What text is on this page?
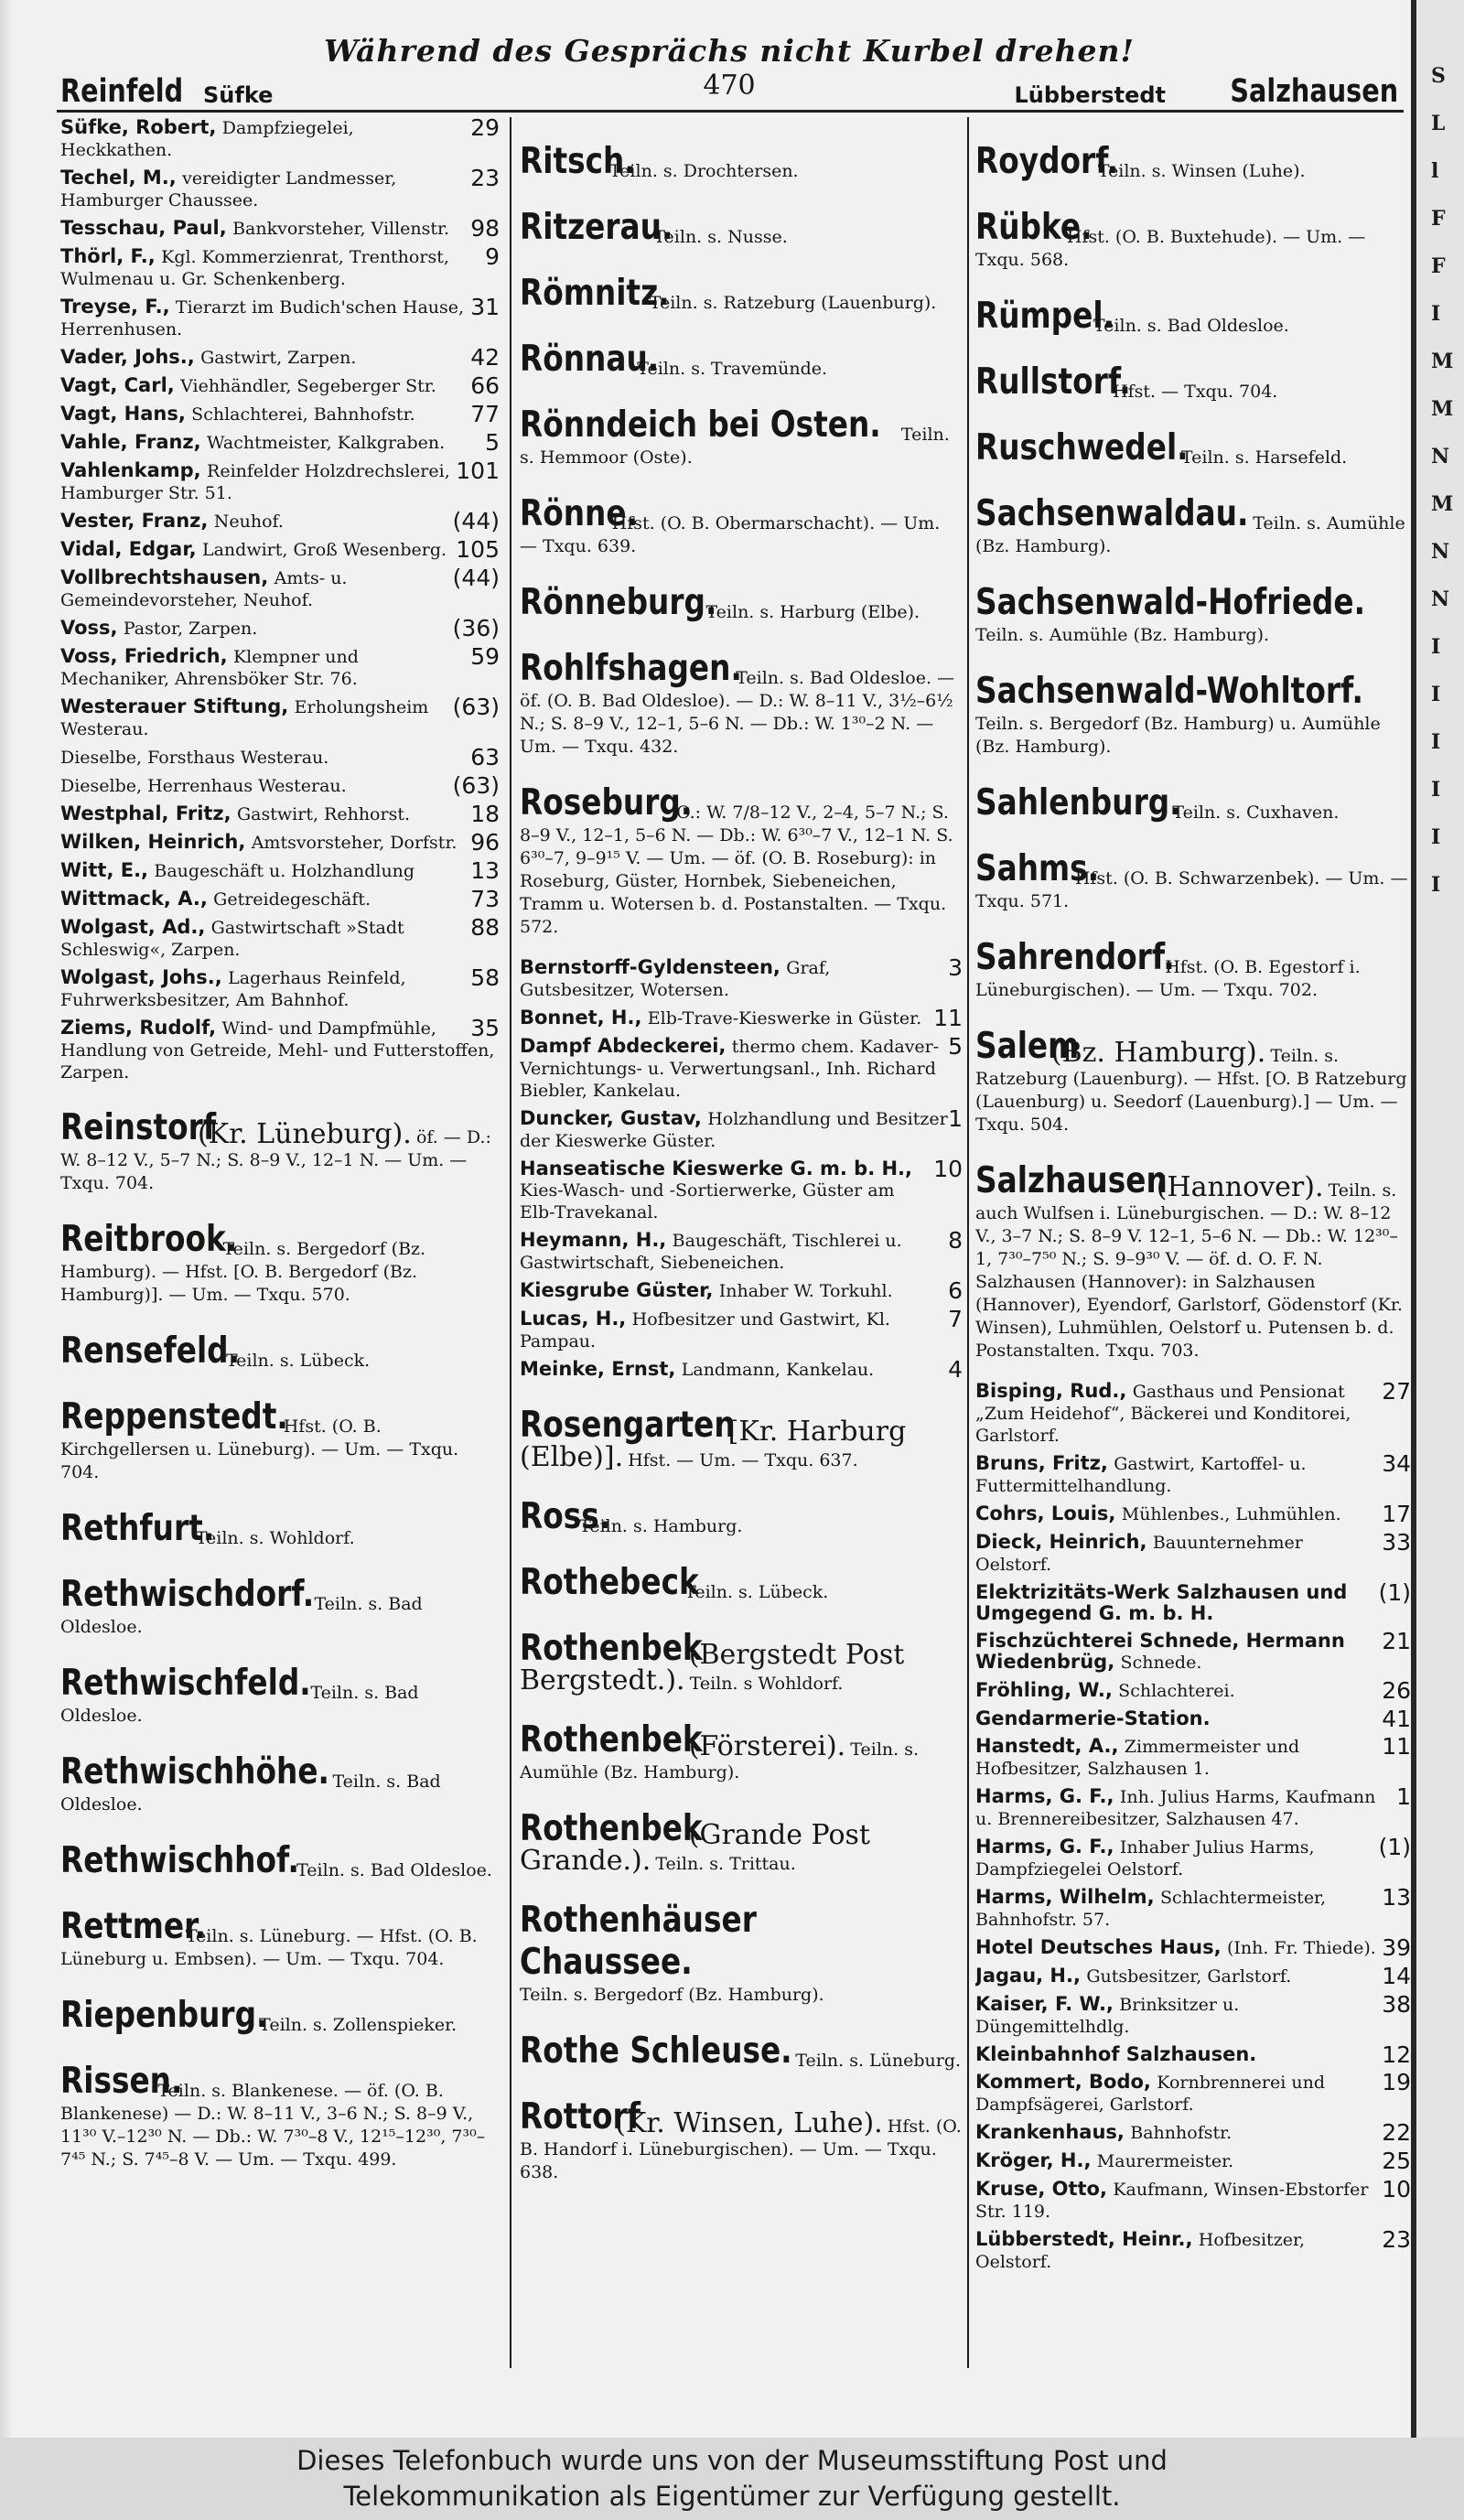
S
L
l
F
F
I
M
M
N
M
N
N
I
I
I
I
I
I
Während des Gesprächs nicht Kurbel drehen!
470
Reinfeld Süfke	Lübberstedt Salzhausen
29
Süfke, Robert, Dampfziegelei, Heckkathen.
23
Techel, M., vereidigter Landmesser, Hamburger Chaussee.
98
Tesschau, Paul, Bankvorsteher, Villenstr.
9
Thörl, F., Kgl. Kommerzienrat, Trenthorst, Wulmenau u. Gr. Schenkenberg.
31
Treyse, F., Tierarzt im Budich'schen Hause, Herrenhusen.
42
Vader, Johs., Gastwirt, Zarpen.
66
Vagt, Carl, Viehhändler, Segeberger Str.
77
Vagt, Hans, Schlachterei, Bahnhofstr.
5
Vahle, Franz, Wachtmeister, Kalkgraben.
101
Vahlenkamp, Reinfelder Holzdrechslerei, Hamburger Str. 51.
(44)
Vester, Franz, Neuhof.
105
Vidal, Edgar, Landwirt, Groß Wesenberg.
(44)
Vollbrechtshausen, Amts- u. Gemeindevorsteher, Neuhof.
(36)
Voss, Pastor, Zarpen.
59
Voss, Friedrich, Klempner und Mechaniker, Ahrensböker Str. 76.
(63)
Westerauer Stiftung, Erholungsheim Westerau.
63
Dieselbe, Forsthaus Westerau.
(63)
Dieselbe, Herrenhaus Westerau.
18
Westphal, Fritz, Gastwirt, Rehhorst.
96
Wilken, Heinrich, Amtsvorsteher, Dorfstr.
13
Witt, E., Baugeschäft u. Holzhandlung
73
Wittmack, A., Getreidegeschäft.
88
Wolgast, Ad., Gastwirtschaft »Stadt Schleswig«, Zarpen.
58
Wolgast, Johs., Lagerhaus Reinfeld, Fuhrwerksbesitzer, Am Bahnhof.
35
Ziems, Rudolf, Wind- und Dampfmühle, Handlung von Getreide, Mehl- und Futterstoffen, Zarpen.
Reinstorf (Kr. Lüneburg). öf. — D.: W. 8–12 V., 5–7 N.; S. 8–9 V., 12–1 N. — Um. — Txqu. 704.
Reitbrook. Teiln. s. Bergedorf (Bz. Hamburg). — Hfst. [O. B. Bergedorf (Bz. Hamburg)]. — Um. — Txqu. 570.
Rensefeld. Teiln. s. Lübeck.
Reppenstedt. Hfst. (O. B. Kirchgellersen u. Lüneburg). — Um. — Txqu. 704.
Rethfurt. Teiln. s. Wohldorf.
Rethwischdorf. Teiln. s. Bad Oldesloe.
Rethwischfeld. Teiln. s. Bad Oldesloe.
Rethwischhöhe. Teiln. s. Bad Oldesloe.
Rethwischhof. Teiln. s. Bad Oldesloe.
Rettmer. Teiln. s. Lüneburg. — Hfst. (O. B. Lüneburg u. Embsen). — Um. — Txqu. 704.
Riepenburg. Teiln. s. Zollenspieker.
Rissen. Teiln. s. Blankenese. — öf. (O. B. Blankenese) — D.: W. 8–11 V., 3–6 N.; S. 8–9 V., 11³⁰ V.–12³⁰ N. — Db.: W. 7³⁰–8 V., 12¹⁵–12³⁰, 7³⁰–7⁴⁵ N.; S. 7⁴⁵–8 V. — Um. — Txqu. 499.
Ritsch. Teiln. s. Drochtersen.
Ritzerau. Teiln. s. Nusse.
Römnitz. Teiln. s. Ratzeburg (Lauenburg).
Rönnau. Teiln. s. Travemünde.
Rönndeich bei Osten. Teiln. s. Hemmoor (Oste).
Rönne. Hfst. (O. B. Obermarschacht). — Um. — Txqu. 639.
Rönneburg. Teiln. s. Harburg (Elbe).
Rohlfshagen. Teiln. s. Bad Oldesloe. — öf. (O. B. Bad Oldesloe). — D.: W. 8–11 V., 3½–6½ N.; S. 8–9 V., 12–1, 5–6 N. — Db.: W. 1³⁰–2 N. — Um. — Txqu. 432.
Roseburg. O.: W. 7/8–12 V., 2–4, 5–7 N.; S. 8–9 V., 12–1, 5–6 N. — Db.: W. 6³⁰–7 V., 12–1 N. S. 6³⁰–7, 9–9¹⁵ V. — Um. — öf. (O. B. Roseburg): in Roseburg, Güster, Hornbek, Siebeneichen, Tramm u. Wotersen b. d. Postanstalten. — Txqu. 572.
3
Bernstorff-Gyldensteen, Graf, Gutsbesitzer, Wotersen.
11
Bonnet, H., Elb-Trave-Kieswerke in Güster.
5
Dampf Abdeckerei, thermo chem. Kadaver-Vernichtungs- u. Verwertungsanl., Inh. Richard Biebler, Kankelau.
1
Duncker, Gustav, Holzhandlung und Besitzer der Kieswerke Güster.
10
Hanseatische Kieswerke G. m. b. H., Kies-Wasch- und -Sortierwerke, Güster am Elb-Travekanal.
8
Heymann, H., Baugeschäft, Tischlerei u. Gastwirtschaft, Siebeneichen.
6
Kiesgrube Güster, Inhaber W. Torkuhl.
7
Lucas, H., Hofbesitzer und Gastwirt, Kl. Pampau.
4
Meinke, Ernst, Landmann, Kankelau.
Rosengarten [Kr. Harburg (Elbe)]. Hfst. — Um. — Txqu. 637.
Ross. Teiln. s. Hamburg.
Rothebeck Teiln. s. Lübeck.
Rothenbek (Bergstedt Post Bergstedt.). Teiln. s Wohldorf.
Rothenbek (Försterei). Teiln. s. Aumühle (Bz. Hamburg).
Rothenbek (Grande Post Grande.). Teiln. s. Trittau.
Rothenhäuser Chaussee. Teiln. s. Bergedorf (Bz. Hamburg).
Rothe Schleuse. Teiln. s. Lüneburg.
Rottorf (Kr. Winsen, Luhe). Hfst. (O. B. Handorf i. Lüneburgischen). — Um. — Txqu. 638.
Roydorf. Teiln. s. Winsen (Luhe).
Rübke. Hfst. (O. B. Buxtehude). — Um. — Txqu. 568.
Rümpel. Teiln. s. Bad Oldesloe.
Rullstorf. Hfst. — Txqu. 704.
Ruschwedel. Teiln. s. Harsefeld.
Sachsenwaldau. Teiln. s. Aumühle (Bz. Hamburg).
Sachsenwald-Hofriede. Teiln. s. Aumühle (Bz. Hamburg).
Sachsenwald-Wohltorf. Teiln. s. Bergedorf (Bz. Hamburg) u. Aumühle (Bz. Hamburg).
Sahlenburg. Teiln. s. Cuxhaven.
Sahms. Hfst. (O. B. Schwarzenbek). — Um. — Txqu. 571.
Sahrendorf. Hfst. (O. B. Egestorf i. Lüneburgischen). — Um. — Txqu. 702.
Salem (Bz. Hamburg). Teiln. s. Ratzeburg (Lauenburg). — Hfst. [O. B Ratzeburg (Lauenburg) u. Seedorf (Lauenburg).] — Um. — Txqu. 504.
Salzhausen (Hannover). Teiln. s. auch Wulfsen i. Lüneburgischen. — D.: W. 8–12 V., 3–7 N.; S. 8–9 V. 12–1, 5–6 N. — Db.: W. 12³⁰–1, 7³⁰–7⁵⁰ N.; S. 9–9³⁰ V. — öf. d. O. F. N. Salzhausen (Hannover): in Salzhausen (Hannover), Eyendorf, Garlstorf, Gödenstorf (Kr. Winsen), Luhmühlen, Oelstorf u. Putensen b. d. Postanstalten. Txqu. 703.
27
Bisping, Rud., Gasthaus und Pensionat „Zum Heidehof“, Bäckerei und Konditorei, Garlstorf.
34
Bruns, Fritz, Gastwirt, Kartoffel- u. Futtermittelhandlung.
17
Cohrs, Louis, Mühlenbes., Luhmühlen.
33
Dieck, Heinrich, Bauunternehmer Oelstorf.
(1)
Elektrizitäts-Werk Salzhausen und Umgegend G. m. b. H.
21
Fischzüchterei Schnede, Hermann Wiedenbrüg, Schnede.
26
Fröhling, W., Schlachterei.
41
Gendarmerie-Station.
11
Hanstedt, A., Zimmermeister und Hofbesitzer, Salzhausen 1.
1
Harms, G. F., Inh. Julius Harms, Kaufmann u. Brennereibesitzer, Salzhausen 47.
(1)
Harms, G. F., Inhaber Julius Harms, Dampfziegelei Oelstorf.
13
Harms, Wilhelm, Schlachtermeister, Bahnhofstr. 57.
39
Hotel Deutsches Haus, (Inh. Fr. Thiede).
14
Jagau, H., Gutsbesitzer, Garlstorf.
38
Kaiser, F. W., Brinksitzer u. Düngemittelhdlg.
12
Kleinbahnhof Salzhausen.
19
Kommert, Bodo, Kornbrennerei und Dampfsägerei, Garlstorf.
22
Krankenhaus, Bahnhofstr.
25
Kröger, H., Maurermeister.
10
Kruse, Otto, Kaufmann, Winsen-Ebstorfer Str. 119.
23
Lübberstedt, Heinr., Hofbesitzer, Oelstorf.
Dieses Telefonbuch wurde uns von der Museumsstiftung Post und
Telekommunikation als Eigentümer zur Verfügung gestellt.
